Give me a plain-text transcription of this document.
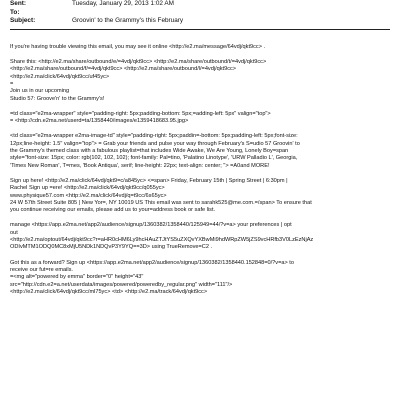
Sent:	Tuesday, January 29, 2013 1:02 AM
To:
Subject:	Groovin' to the Grammy's this February
If you're having trouble viewing this email, you may see it online <http://e2.ma/message/64vdj/qkt9cc> .
Share this: <http://e2.ma/share/outbound/e/=4vdj/qkt9cc> <http://e2.ma/share/outbound/t/=4vdj/qkt9cc>
<http://e2.ma/share/outbound/f/=4vdj/qkt9cc> <http://e2.ma/share/outbound/l/=4vdj/qkt9cc>
<http://e2.ma/click/64vdj/qkt9cc/uf45yc>
=
Join us in our upcoming
Studio 57: Groove'n' to the Grammy's!
=td class="e2ma-wrapper" style="padding-right: 5px;padding-bottom: 5px;=adding-left: 5px" valign="top">
= <http://cdn.e2ma.net/userd=ta/1358440/images/e1359418683.95.jpg>
<td class="e2ma-wrapper e2ma-image-td" style="padding-right: 5px;paddin=-bottom: 5px;padding-left: 5px;font-size:
12px;line-height: 1.5" valign="top"> = Grab your friends and pulse your way through February's S=udio 57 Groovin' to
the Grammy's themed class with a fabulous playlist=that includes Wide Awake, We Are Young, Lonely Boy=span
style="font-size: 15px; color: rgb(102, 102, 102); font-family: Pal=tino, 'Palatino Linotype', 'URW Palladio L', Georgia,
'Times New Roman', T=mes, 'Book Antiqua', serif; line-height: 22px; text-align: center; "> =A0and MORE!
Sign up here! <http://e2.ma/click/64vdj/qkt9=c/a845yc> <=span> Friday, February 15th | Spring Street | 6:30pm |
Rachel Sign up =ere! <http://e2.ma/click/64vdj/qkt9cc/q055yc>
www.physique57.com <http://e2.ma/click/64vdj/q=t9cc/6s65yc>
24 W 57th Street Suite 805 | New Yor=, NY 10019 US This email was sent to sarahk525@me.com.=/span> To ensure that
you continue receiving our emails, please add us to your=address book or safe list.
manage <https://app.e2ma.net/app2/audience/signup/1360382/1358440/125949=44/?v=a> your preferences | opt
out
<http://e2.ma/optout/64vdj/qkt9cc?r=aHR0cHM6Ly9hcHAuZTJtYS5uZXQvYXBwMi9hdWRpZW5jZS9vcHRfb3V0LzEzNjAz
ODIvMTM1ODQ0MC8xMjU5NDk1NDQvP3Y9YQ==3D> using TrueRemove=C2 .
Got this as a forward? Sign up <https://app.e2ma.net/app2/audience/signup/1360382/1358440.152848=0/?v=a> to
receive our fut=re emails.
=<mg alt="powered by emma" border="0" height="43"
src="http://cdn.e2=a.net/userdata/images/powered/poweredby_regular.png" width="111"/>
<http://e2.ma/click/64vdj/qkt9cc/ml75yc> <td> <http://e2.ma/track/64vdj/qkt9cc>
